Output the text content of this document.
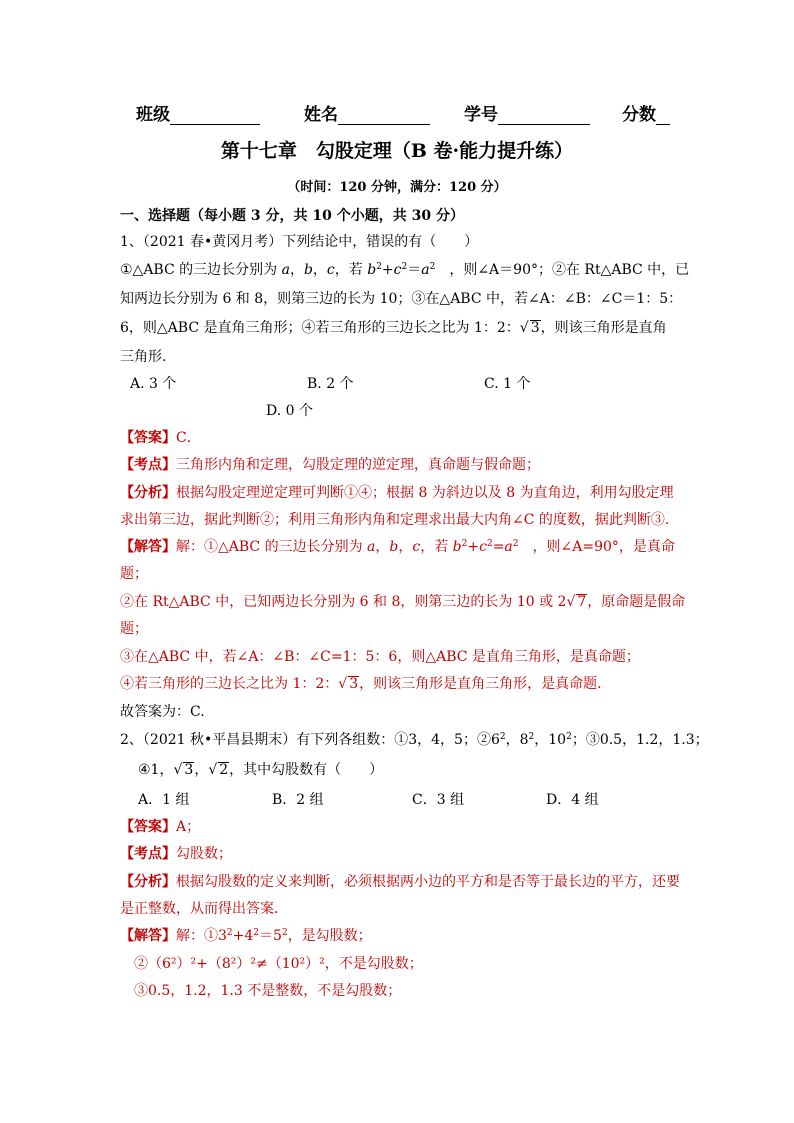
班级	姓名	学号	分数
第十七章　勾股定理（B 卷·能力提升练）
（时间：120 分钟，满分：120 分）
一、选择题（每小题 3 分，共 10 个小题，共 30 分）
1、（2021 春•黄冈月考）下列结论中，错误的有（　　）
①△ABC 的三边长分别为 a，b，c，若 $b^2+c^2=a^2$　，则∠A＝90°；②在 Rt△ABC 中，已
知两边长分别为 6 和 8，则第三边的长为 10；③在△ABC 中，若∠A：∠B：∠C＝1：5：
6，则△ABC 是直角三角形；④若三角形的三边长之比为 1：2：√ 3，则该三角形是直角
三角形.
A. 3 个	B. 2 个	C. 1 个
D. 0 个
【答案】C．
【考点】三角形内角和定理，勾股定理的逆定理，真命题与假命题；
【分析】根据勾股定理逆定理可判断①④；根据 8 为斜边以及 8 为直角边，利用勾股定理
求出第三边，据此判断②；利用三角形内角和定理求出最大内角∠C 的度数，据此判断③.
【解答】解：①△ABC 的三边长分别为 a，b，c，若 $b^2+c^2=a^2$　，则∠A=90°，是真命
题；
②在 Rt△ABC 中，已知两边长分别为 6 和 8，则第三边的长为 10 或 2√ 7，原命题是假命
题；
③在△ABC 中，若∠A：∠B：∠C=1：5：6，则△ABC 是直角三角形，是真命题；
④若三角形的三边长之比为 1：2：√ 3，则该三角形是直角三角形，是真命题.
故答案为：C.
2、（2021 秋•平昌县期末）有下列各组数：①3，4，5；$②6^2$，$8^2$，$10^2$；③0.5，1.2，1.3；
④1，√ 3，√ 2，其中勾股数有（　　）
A．1 组	B．2 组	C．3 组	D．4 组
【答案】A；
【考点】勾股数；
【分析】根据勾股数的定义来判断，必须根据两小边的平方和是否等于最长边的平方，还要
是正整数，从而得出答案．
【解答】解：$①3^2+4^2=5^2$，是勾股数；
②（6²）²+（8²）²≠（10²）²，不是勾股数；
③0.5，1.2，1.3 不是整数，不是勾股数；
